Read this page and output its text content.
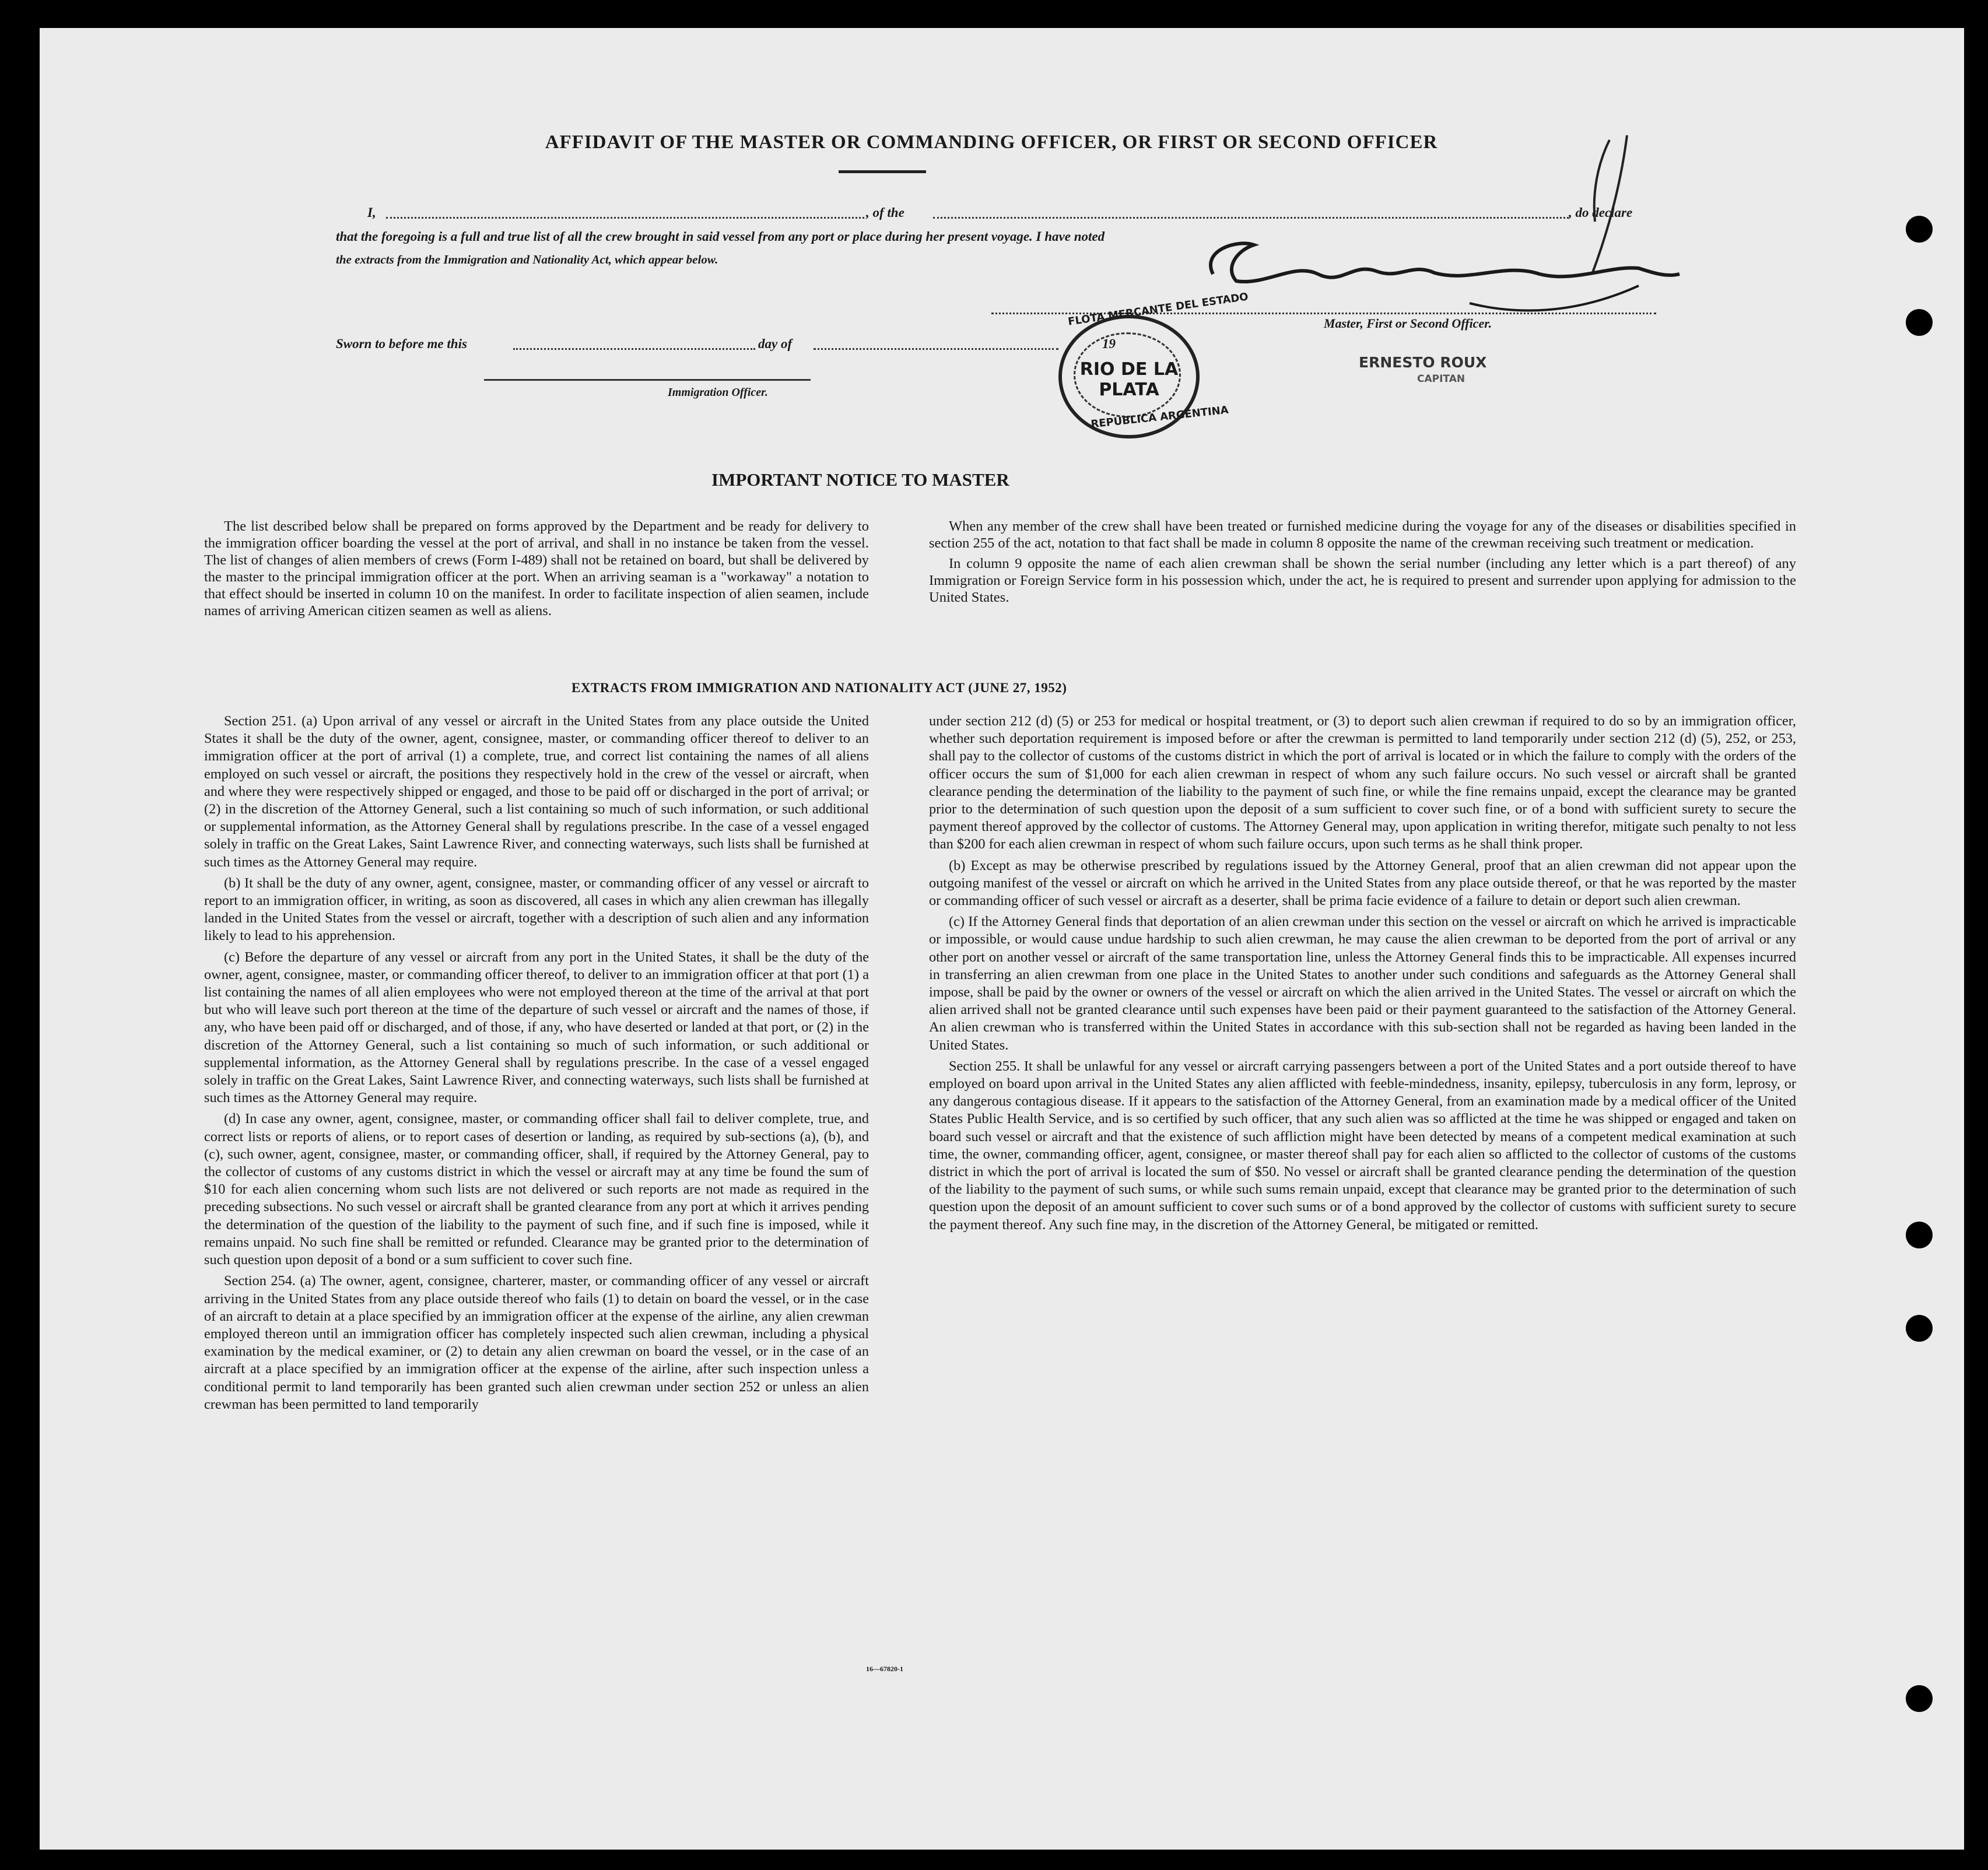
AFFIDAVIT OF THE MASTER OR COMMANDING OFFICER, OR FIRST OR SECOND OFFICER
I,	, of the	, do declare
that the foregoing is a full and true list of all the crew brought in said vessel from any port or place during her present voyage. I have noted
the extracts from the Immigration and Nationality Act, which appear below.
Master, First or Second Officer.
Sworn to before me this	day of	19
Immigration Officer.
RIO DE LA PLATA
FLOTA MERCANTE DEL ESTADO
REPUBLICA ARGENTINA
ERNESTO ROUX
CAPITAN
IMPORTANT NOTICE TO MASTER

The list described below shall be prepared on forms approved by the Department and be ready for delivery to the immigration officer boarding the vessel at the port of arrival, and shall in no instance be taken from the vessel. The list of changes of alien members of crews (Form I-489) shall not be retained on board, but shall be delivered by the master to the principal immigration officer at the port. When an arriving seaman is a "workaway" a notation to that effect should be inserted in column 10 on the manifest. In order to facilitate inspection of alien seamen, include names of arriving American citizen seamen as well as aliens.

When any member of the crew shall have been treated or furnished medicine during the voyage for any of the diseases or disabilities specified in section 255 of the act, notation to that fact shall be made in column 8 opposite the name of the crewman receiving such treatment or medication.

In column 9 opposite the name of each alien crewman shall be shown the serial number (including any letter which is a part thereof) of any Immigration or Foreign Service form in his possession which, under the act, he is required to present and surrender upon applying for admission to the United States.

EXTRACTS FROM IMMIGRATION AND NATIONALITY ACT (JUNE 27, 1952)

Section 251. (a) Upon arrival of any vessel or aircraft in the United States from any place outside the United States it shall be the duty of the owner, agent, consignee, master, or commanding officer thereof to deliver to an immigration officer at the port of arrival (1) a complete, true, and correct list containing the names of all aliens employed on such vessel or aircraft, the positions they respectively hold in the crew of the vessel or aircraft, when and where they were respectively shipped or engaged, and those to be paid off or discharged in the port of arrival; or (2) in the discretion of the Attorney General, such a list containing so much of such information, or such additional or supplemental information, as the Attorney General shall by regulations prescribe. In the case of a vessel engaged solely in traffic on the Great Lakes, Saint Lawrence River, and connecting waterways, such lists shall be furnished at such times as the Attorney General may require.

(b) It shall be the duty of any owner, agent, consignee, master, or commanding officer of any vessel or aircraft to report to an immigration officer, in writing, as soon as discovered, all cases in which any alien crewman has illegally landed in the United States from the vessel or aircraft, together with a description of such alien and any information likely to lead to his apprehension.

(c) Before the departure of any vessel or aircraft from any port in the United States, it shall be the duty of the owner, agent, consignee, master, or commanding officer thereof, to deliver to an immigration officer at that port (1) a list containing the names of all alien employees who were not employed thereon at the time of the arrival at that port but who will leave such port thereon at the time of the departure of such vessel or aircraft and the names of those, if any, who have been paid off or discharged, and of those, if any, who have deserted or landed at that port, or (2) in the discretion of the Attorney General, such a list containing so much of such information, or such additional or supplemental information, as the Attorney General shall by regulations prescribe. In the case of a vessel engaged solely in traffic on the Great Lakes, Saint Lawrence River, and connecting waterways, such lists shall be furnished at such times as the Attorney General may require.

(d) In case any owner, agent, consignee, master, or commanding officer shall fail to deliver complete, true, and correct lists or reports of aliens, or to report cases of desertion or landing, as required by sub-sections (a), (b), and (c), such owner, agent, consignee, master, or commanding officer, shall, if required by the Attorney General, pay to the collector of customs of any customs district in which the vessel or aircraft may at any time be found the sum of $10 for each alien concerning whom such lists are not delivered or such reports are not made as required in the preceding subsections. No such vessel or aircraft shall be granted clearance from any port at which it arrives pending the determination of the question of the liability to the payment of such fine, and if such fine is imposed, while it remains unpaid. No such fine shall be remitted or refunded. Clearance may be granted prior to the determination of such question upon deposit of a bond or a sum sufficient to cover such fine.

Section 254. (a) The owner, agent, consignee, charterer, master, or commanding officer of any vessel or aircraft arriving in the United States from any place outside thereof who fails (1) to detain on board the vessel, or in the case of an aircraft to detain at a place specified by an immigration officer at the expense of the airline, any alien crewman employed thereon until an immigration officer has completely inspected such alien crewman, including a physical examination by the medical examiner, or (2) to detain any alien crewman on board the vessel, or in the case of an aircraft at a place specified by an immigration officer at the expense of the airline, after such inspection unless a conditional permit to land temporarily has been granted such alien crewman under section 252 or unless an alien crewman has been permitted to land temporarily

under section 212 (d) (5) or 253 for medical or hospital treatment, or (3) to deport such alien crewman if required to do so by an immigration officer, whether such deportation requirement is imposed before or after the crewman is permitted to land temporarily under section 212 (d) (5), 252, or 253, shall pay to the collector of customs of the customs district in which the port of arrival is located or in which the failure to comply with the orders of the officer occurs the sum of $1,000 for each alien crewman in respect of whom any such failure occurs. No such vessel or aircraft shall be granted clearance pending the determination of the liability to the payment of such fine, or while the fine remains unpaid, except the clearance may be granted prior to the determination of such question upon the deposit of a sum sufficient to cover such fine, or of a bond with sufficient surety to secure the payment thereof approved by the collector of customs. The Attorney General may, upon application in writing therefor, mitigate such penalty to not less than $200 for each alien crewman in respect of whom such failure occurs, upon such terms as he shall think proper.

(b) Except as may be otherwise prescribed by regulations issued by the Attorney General, proof that an alien crewman did not appear upon the outgoing manifest of the vessel or aircraft on which he arrived in the United States from any place outside thereof, or that he was reported by the master or commanding officer of such vessel or aircraft as a deserter, shall be prima facie evidence of a failure to detain or deport such alien crewman.

(c) If the Attorney General finds that deportation of an alien crewman under this section on the vessel or aircraft on which he arrived is impracticable or impossible, or would cause undue hardship to such alien crewman, he may cause the alien crewman to be deported from the port of arrival or any other port on another vessel or aircraft of the same transportation line, unless the Attorney General finds this to be impracticable. All expenses incurred in transferring an alien crewman from one place in the United States to another under such conditions and safeguards as the Attorney General shall impose, shall be paid by the owner or owners of the vessel or aircraft on which the alien arrived in the United States. The vessel or aircraft on which the alien arrived shall not be granted clearance until such expenses have been paid or their payment guaranteed to the satisfaction of the Attorney General. An alien crewman who is transferred within the United States in accordance with this sub-section shall not be regarded as having been landed in the United States.

Section 255. It shall be unlawful for any vessel or aircraft carrying passengers between a port of the United States and a port outside thereof to have employed on board upon arrival in the United States any alien afflicted with feeble-mindedness, insanity, epilepsy, tuberculosis in any form, leprosy, or any dangerous contagious disease. If it appears to the satisfaction of the Attorney General, from an examination made by a medical officer of the United States Public Health Service, and is so certified by such officer, that any such alien was so afflicted at the time he was shipped or engaged and taken on board such vessel or aircraft and that the existence of such affliction might have been detected by means of a competent medical examination at such time, the owner, commanding officer, agent, consignee, or master thereof shall pay for each alien so afflicted to the collector of customs of the customs district in which the port of arrival is located the sum of $50. No vessel or aircraft shall be granted clearance pending the determination of the question of the liability to the payment of such sums, or while such sums remain unpaid, except that clearance may be granted prior to the determination of such question upon the deposit of an amount sufficient to cover such sums or of a bond approved by the collector of customs with sufficient surety to secure the payment thereof. Any such fine may, in the discretion of the Attorney General, be mitigated or remitted.

16—67820-1
